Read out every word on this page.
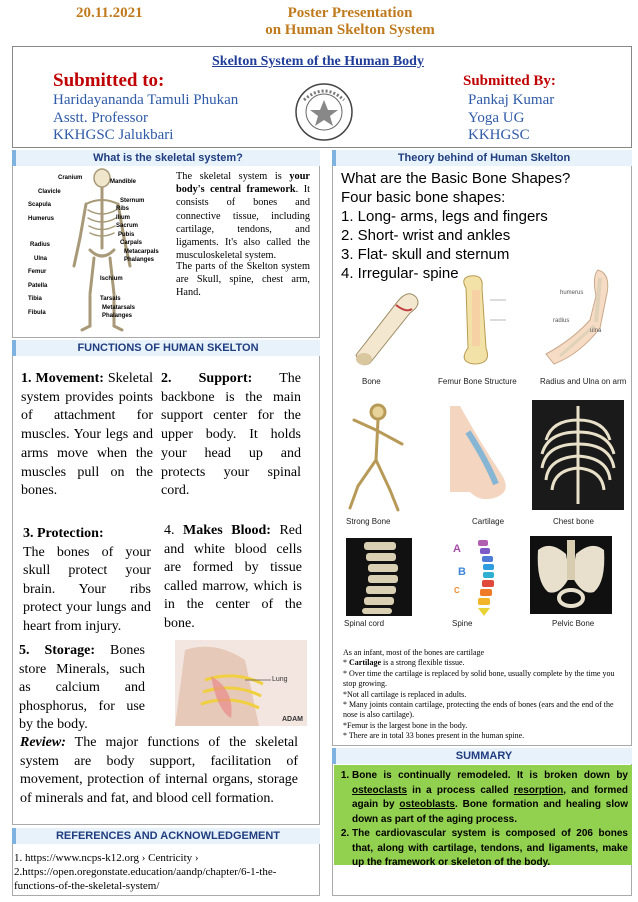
20.11.2021	Poster Presentation
on Human Skelton System
Skelton System of the Human Body
Submitted to:
Haridayananda Tamuli Phukan
Asstt. Professor
KKHGSC Jalukbari
Submitted By:
Pankaj Kumar
Yoga UG
KKHGSC
What is the skeletal system?
Cranium
Clavicle
Scapula
Humerus
Radius
Ulna
Femur
Patella
Tibia
Fibula
Mandible
Sternum
Ribs
Ilium
Sacrum
Pubis
Carpals
Metacarpals
Phalanges
Ischium
Tarsals
Metatarsals
Phalanges
The skeletal system is your body's central framework. It consists of bones and connective tissue, including cartilage, tendons, and ligaments. It's also called the musculoskeletal system.
The parts of the Skelton system are Skull, spine, chest arm, Hand.
FUNCTIONS OF HUMAN SKELTON
1. Movement: Skeletal system provides points of attachment for muscles. Your legs and arms move when the muscles pull on the bones.
2. Support: The backbone is the main support center for the upper body. It holds your head up and protects your spinal cord.
3. Protection:
The bones of your skull protect your brain. Your ribs protect your lungs and heart from injury.
4. Makes Blood: Red and white blood cells are formed by tissue called marrow, which is in the center of the bone.
5. Storage: Bones store Minerals, such as calcium and phosphorus, for use by the body.
Lung
ADAM
Review: The major functions of the skeletal system are body support, facilitation of movement, protection of internal organs, storage of minerals and fat, and blood cell formation.
REFERENCES AND ACKNOWLEDGEMENT
1. https://www.ncps-k12.org › Centricity ›
2.https://open.oregonstate.education/aandp/chapter/6-1-the-functions-of-the-skeletal-system/
Theory behind of Human Skelton
What are the Basic Bone Shapes?
Four basic bone shapes:
1. Long- arms, legs and fingers
2. Short- wrist and ankles
3. Flat- skull and sternum
4. Irregular- spine
humerus
radius
ulna
Bone	Femur Bone Structure	Radius and Ulna on arm
Strong Bone	Cartilage	Chest bone
A
B
C
Spinal cord	Spine	Pelvic Bone
As an infant, most of the bones are cartilage
* Cartilage is a strong flexible tissue.
* Over time the cartilage is replaced by solid bone, usually complete by the time you stop growing.
*Not all cartilage is replaced in adults.
* Many joints contain cartilage, protecting the ends of bones (ears and the end of the nose is also cartilage).
*Femur is the largest bone in the body.
* There are in total 33 bones present in the human spine.
SUMMARY
1. Bone is continually remodeled. It is broken down by osteoclasts in a process called resorption, and formed again by osteoblasts. Bone formation and healing slow down as part of the aging process.
2. The cardiovascular system is composed of 206 bones that, along with cartilage, tendons, and ligaments, make up the framework or skeleton of the body.
